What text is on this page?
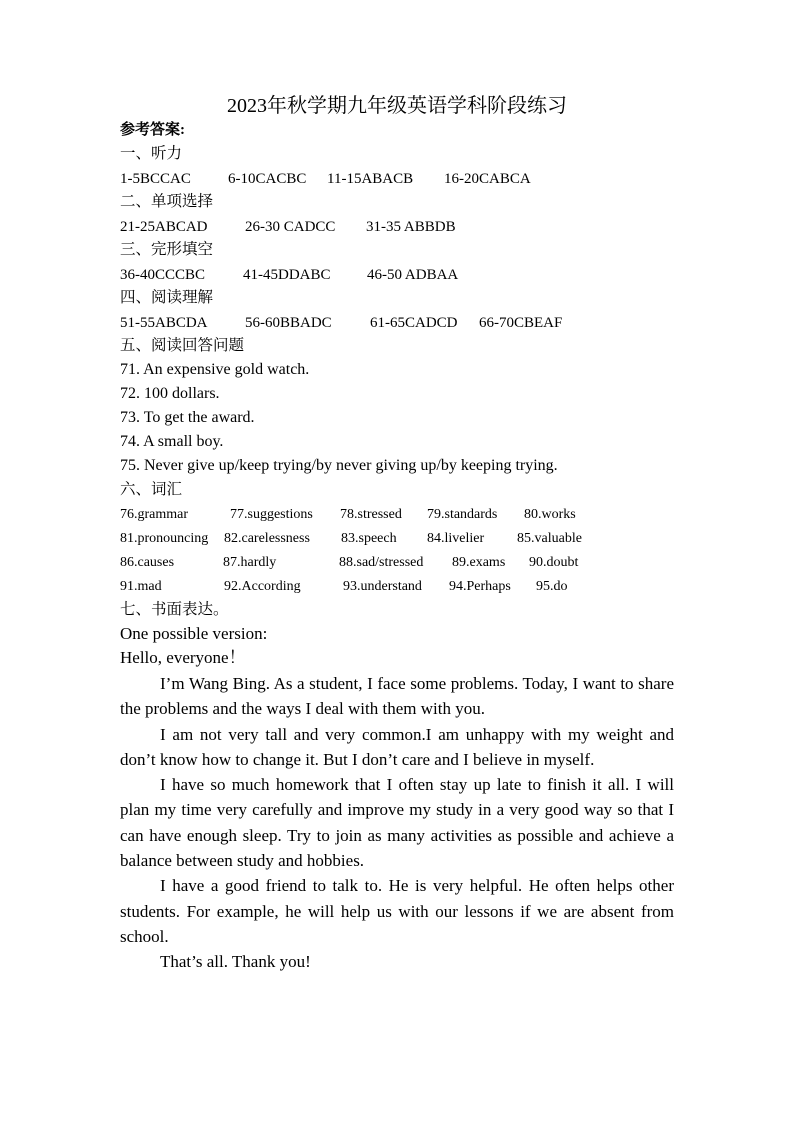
2023年秋学期九年级英语学科阶段练习
参考答案:
一、听力
1-5BCCAC 6-10CACBC 11-15ABACB 16-20CABCA
二、单项选择
21-25ABCAD 26-30 CADCC 31-35 ABBDB
三、完形填空
36-40CCCBC	41-45DDABC 46-50 ADBAA
四、阅读理解
51-55ABCDA 56-60BBADC	61-65CADCD 66-70CBEAF
五、阅读回答问题
71. An expensive gold watch.
72. 100 dollars.
73. To get the award.
74. A small boy.
75. Never give up/keep trying/by never giving up/by keeping trying.
六、词汇
76.grammar	77.suggestions 78.stressed 79.standards 80.works
81.pronouncing 82.carelessness 83.speech 84.livelier 85.valuable
86.causes	87.hardly	88.sad/stressed 89.exams 90.doubt
91.mad	92.According	93.understand 94.Perhaps 95.do
七、书面表达。
One possible version:
Hello, everyone！

I’m Wang Bing. As a student, I face some problems. Today, I want to share the problems and the ways I deal with them with you.

I am not very tall and very common.I am unhappy with my weight and don’t know how to change it. But I don’t care and I believe in myself.

I have so much homework that I often stay up late to finish it all. I will plan my time very carefully and improve my study in a very good way so that I can have enough sleep. Try to join as many activities as possible and achieve a balance between study and hobbies.

I have a good friend to talk to. He is very helpful. He often helps other students. For example, he will help us with our lessons if we are absent from school.

That’s all. Thank you!
